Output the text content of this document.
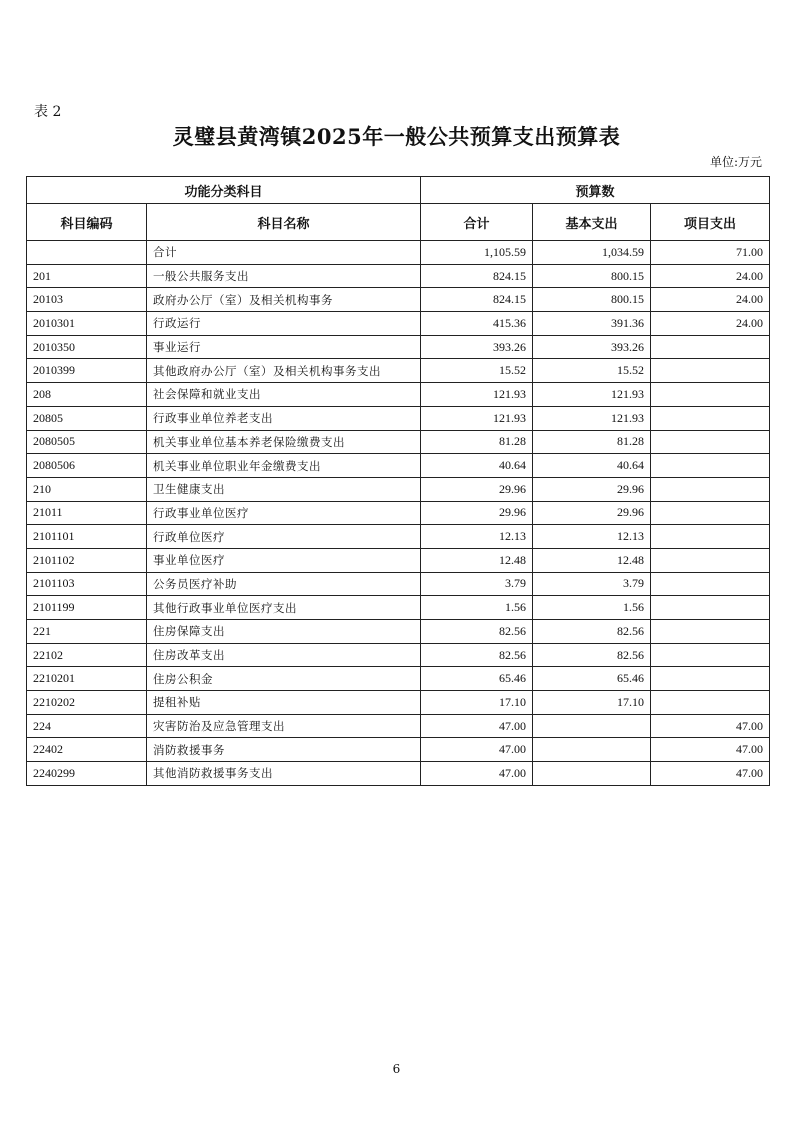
表 2
灵璧县黄湾镇2025年一般公共预算支出预算表
单位:万元
功能分类科目		预算数		
科目编码	科目名称	合计	基本支出	项目支出
	合计	1,105.59	1,034.59	71.00
201	一般公共服务支出	824.15	800.15	24.00
20103	政府办公厅（室）及相关机构事务	824.15	800.15	24.00
2010301	行政运行	415.36	391.36	24.00
2010350	事业运行	393.26	393.26	
2010399	其他政府办公厅（室）及相关机构事务支出	15.52	15.52	
208	社会保障和就业支出	121.93	121.93	
20805	行政事业单位养老支出	121.93	121.93	
2080505	机关事业单位基本养老保险缴费支出	81.28	81.28	
2080506	机关事业单位职业年金缴费支出	40.64	40.64	
210	卫生健康支出	29.96	29.96	
21011	行政事业单位医疗	29.96	29.96	
2101101	行政单位医疗	12.13	12.13	
2101102	事业单位医疗	12.48	12.48	
2101103	公务员医疗补助	3.79	3.79	
2101199	其他行政事业单位医疗支出	1.56	1.56	
221	住房保障支出	82.56	82.56	
22102	住房改革支出	82.56	82.56	
2210201	住房公积金	65.46	65.46	
2210202	提租补贴	17.10	17.10	
224	灾害防治及应急管理支出	47.00		47.00
22402	消防救援事务	47.00		47.00
2240299	其他消防救援事务支出	47.00		47.00
6
